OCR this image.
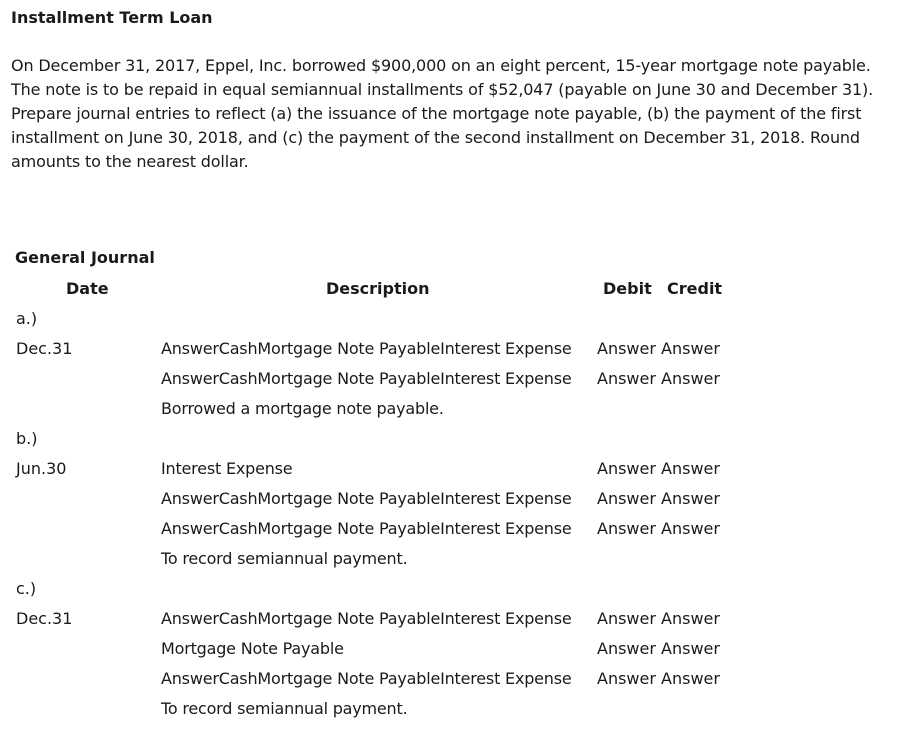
Installment Term Loan
On December 31, 2017, Eppel, Inc. borrowed $900,000 on an eight percent, 15-year mortgage note payable.
The note is to be repaid in equal semiannual installments of $52,047 (payable on June 30 and December 31).
Prepare journal entries to reflect (a) the issuance of the mortgage note payable, (b) the payment of the first
installment on June 30, 2018, and (c) the payment of the second installment on December 31, 2018. Round
amounts to the nearest dollar.
General Journal
Date	Description	Debit Credit
a.)
Dec.31	AnswerCashMortgage Note PayableInterest Expense Answer Answer
AnswerCashMortgage Note PayableInterest Expense Answer Answer
Borrowed a mortgage note payable.
b.)
Jun.30	Interest Expense	Answer Answer
AnswerCashMortgage Note PayableInterest Expense Answer Answer
AnswerCashMortgage Note PayableInterest Expense Answer Answer
To record semiannual payment.
c.)
Dec.31	AnswerCashMortgage Note PayableInterest Expense Answer Answer
Mortgage Note Payable	Answer Answer
AnswerCashMortgage Note PayableInterest Expense Answer Answer
To record semiannual payment.
